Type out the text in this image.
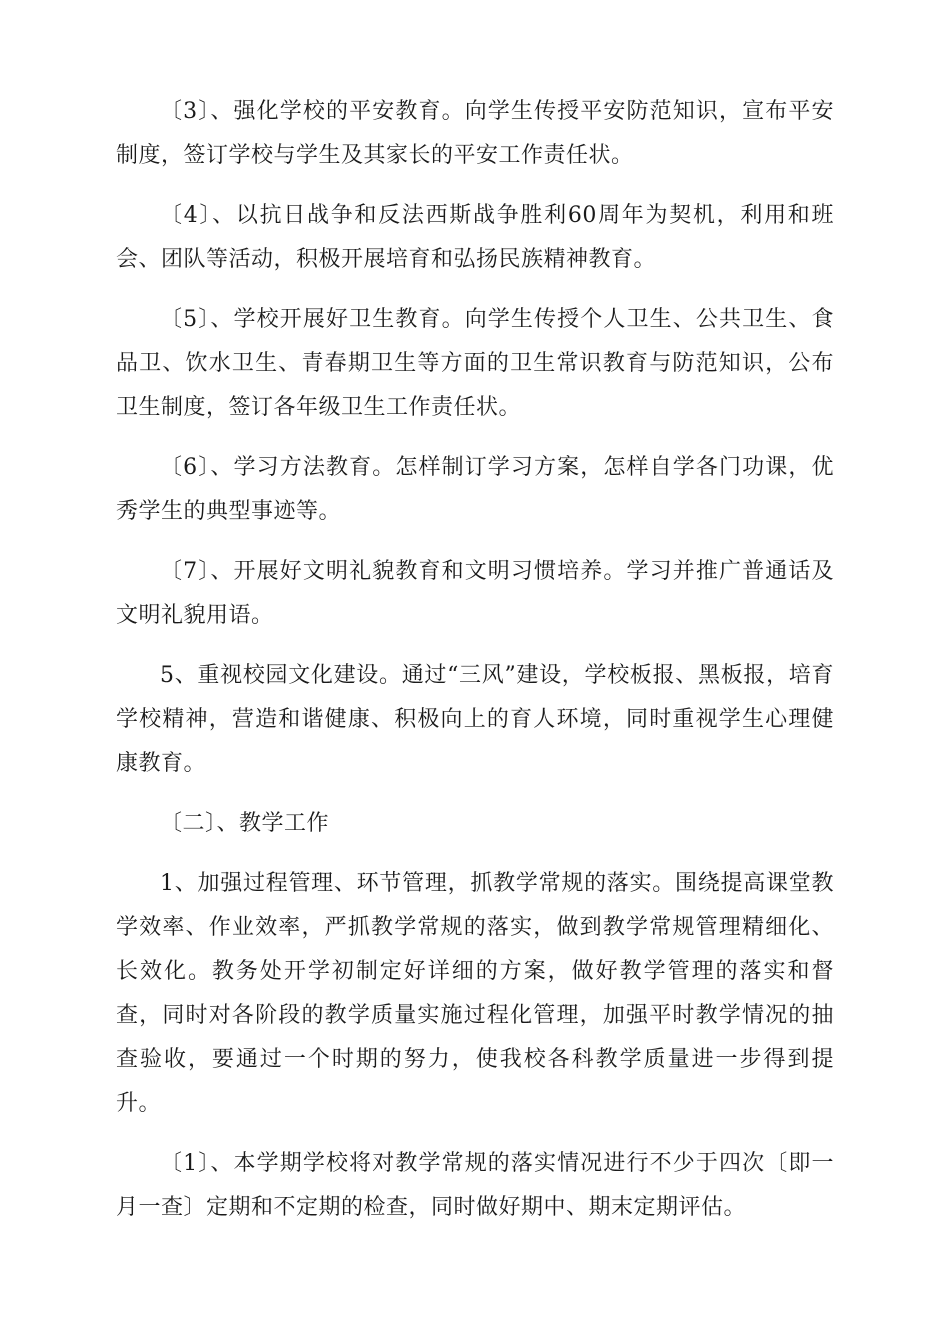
〔3〕、强化学校的平安教育。向学生传授平安防范知识，宣布平安制度，签订学校与学生及其家长的平安工作责任状。

〔4〕、以抗日战争和反法西斯战争胜利60周年为契机，利用和班会、团队等活动，积极开展培育和弘扬民族精神教育。

〔5〕、学校开展好卫生教育。向学生传授个人卫生、公共卫生、食品卫、饮水卫生、青春期卫生等方面的卫生常识教育与防范知识，公布卫生制度，签订各年级卫生工作责任状。

〔6〕、学习方法教育。怎样制订学习方案，怎样自学各门功课，优秀学生的典型事迹等。

〔7〕、开展好文明礼貌教育和文明习惯培养。学习并推广普通话及文明礼貌用语。

5、重视校园文化建设。通过“三风”建设，学校板报、黑板报，培育学校精神，营造和谐健康、积极向上的育人环境，同时重视学生心理健康教育。

〔二〕、教学工作

1、加强过程管理、环节管理，抓教学常规的落实。围绕提高课堂教学效率、作业效率，严抓教学常规的落实，做到教学常规管理精细化、长效化。教务处开学初制定好详细的方案，做好教学管理的落实和督查，同时对各阶段的教学质量实施过程化管理，加强平时教学情况的抽查验收，要通过一个时期的努力，使我校各科教学质量进一步得到提升。

〔1〕、本学期学校将对教学常规的落实情况进行不少于四次〔即一月一查〕定期和不定期的检查，同时做好期中、期末定期评估。
